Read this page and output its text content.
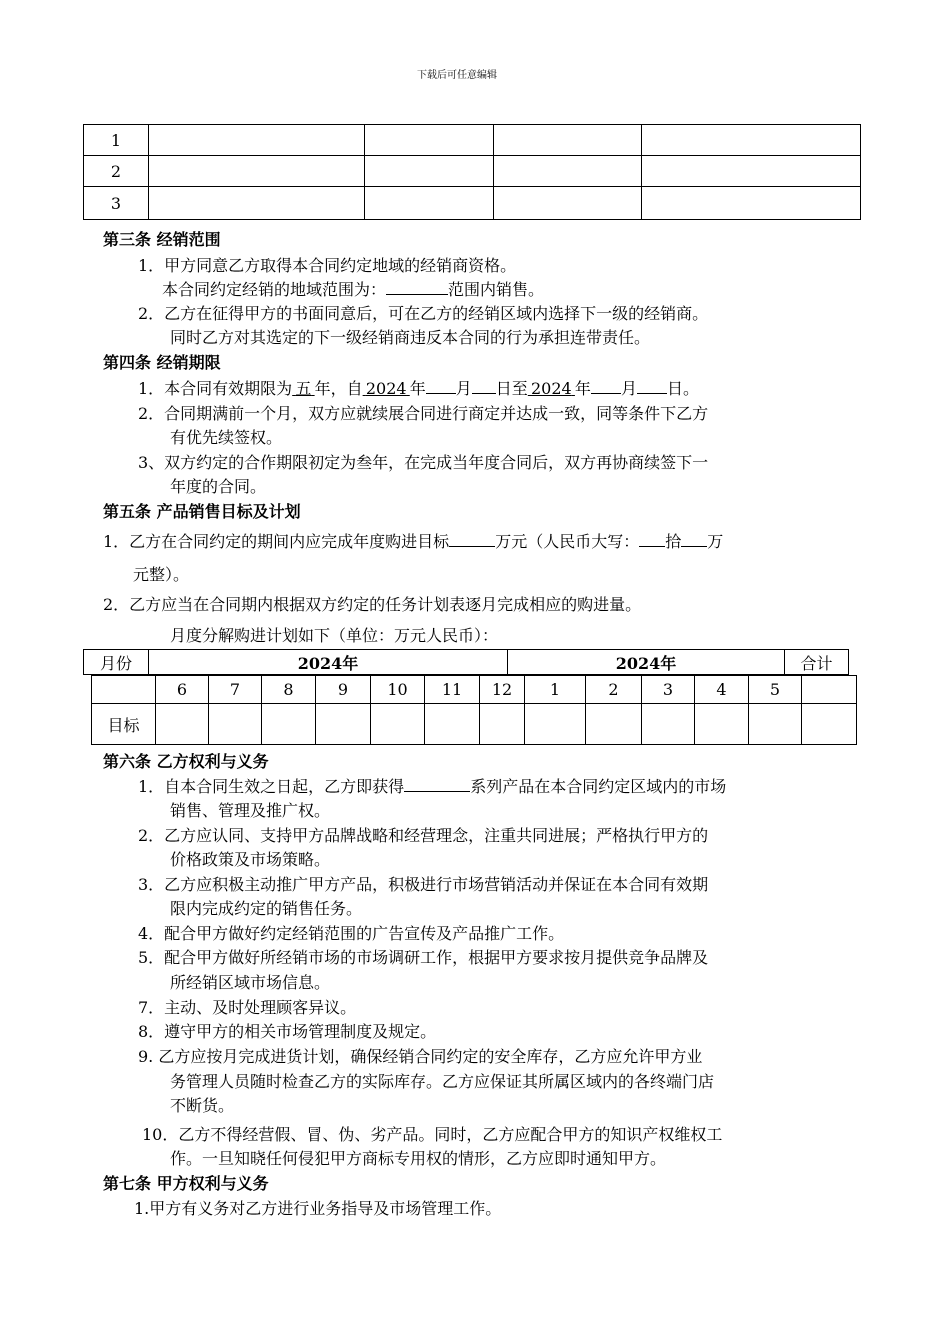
下载后可任意编辑
1				
2				
3				
第三条 经销范围
1．甲方同意乙方取得本合同约定地域的经销商资格。
本合同约定经销的地域范围为：	范围内销售。
2．乙方在征得甲方的书面同意后，可在乙方的经销区域内选择下一级的经销商。
同时乙方对其选定的下一级经销商违反本合同的行为承担连带责任。
第四条 经销期限
1．本合同有效期限为  五  年，自  2024  年 月 日至  2024  年 月 日。
2．合同期满前一个月，双方应就续展合同进行商定并达成一致，同等条件下乙方
有优先续签权。
3、双方约定的合作期限初定为叁年，在完成当年度合同后，双方再协商续签下一
年度的合同。
第五条 产品销售目标及计划
1．乙方在合同约定的期间内应完成年度购进目标	万元（人民币大写： 拾 万
元整）。
2．乙方应当在合同期内根据双方约定的任务计划表逐月完成相应的购进量。
月度分解购进计划如下（单位：万元人民币）：
月份	2024年	2024年	合计
	6	7	8	9	10	11	12	1	2	3	4	5	
目标													
第六条 乙方权利与义务
1．自本合同生效之日起，乙方即获得	系列产品在本合同约定区域内的市场
销售、管理及推广权。
2．乙方应认同、支持甲方品牌战略和经营理念，注重共同进展；严格执行甲方的
价格政策及市场策略。
3．乙方应积极主动推广甲方产品，积极进行市场营销活动并保证在本合同有效期
限内完成约定的销售任务。
4．配合甲方做好约定经销范围的广告宣传及产品推广工作。
5．配合甲方做好所经销市场的市场调研工作，根据甲方要求按月提供竞争品牌及
所经销区域市场信息。
7．主动、及时处理顾客异议。
8．遵守甲方的相关市场管理制度及规定。
9. 乙方应按月完成进货计划，确保经销合同约定的安全库存，乙方应允许甲方业
务管理人员随时检查乙方的实际库存。乙方应保证其所属区域内的各终端门店
不断货。
10．乙方不得经营假、冒、伪、劣产品。同时，乙方应配合甲方的知识产权维权工
作。一旦知晓任何侵犯甲方商标专用权的情形，乙方应即时通知甲方。
第七条 甲方权利与义务
1.甲方有义务对乙方进行业务指导及市场管理工作。
